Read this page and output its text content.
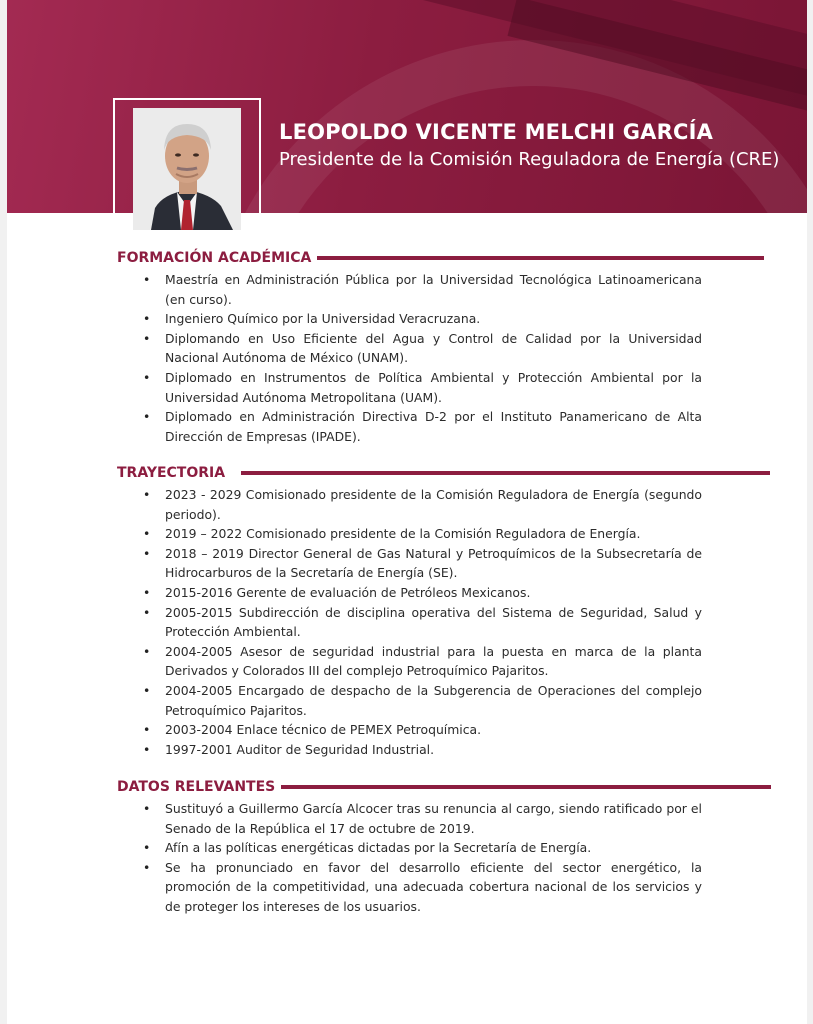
LEOPOLDO VICENTE MELCHI GARCÍA
Presidente de la Comisión Reguladora de Energía (CRE)
FORMACIÓN ACADÉMICA
• Maestría en Administración Pública por la Universidad Tecnológica Latinoamericana (en curso).
• Ingeniero Químico por la Universidad Veracruzana.
• Diplomando en Uso Eficiente del Agua y Control de Calidad por la Universidad Nacional Autónoma de México (UNAM).
• Diplomado en Instrumentos de Política Ambiental y Protección Ambiental por la Universidad Autónoma Metropolitana (UAM).
• Diplomado en Administración Directiva D-2 por el Instituto Panamericano de Alta Dirección de Empresas (IPADE).
TRAYECTORIA
• 2023 - 2029 Comisionado presidente de la Comisión Reguladora de Energía (segundo periodo).
• 2019 – 2022 Comisionado presidente de la Comisión Reguladora de Energía.
• 2018 – 2019 Director General de Gas Natural y Petroquímicos de la Subsecretaría de Hidrocarburos de la Secretaría de Energía (SE).
• 2015-2016 Gerente de evaluación de Petróleos Mexicanos.
• 2005-2015 Subdirección de disciplina operativa del Sistema de Seguridad, Salud y Protección Ambiental.
• 2004-2005 Asesor de seguridad industrial para la puesta en marca de la planta Derivados y Colorados III del complejo Petroquímico Pajaritos.
• 2004-2005 Encargado de despacho de la Subgerencia de Operaciones del complejo Petroquímico Pajaritos.
• 2003-2004 Enlace técnico de PEMEX Petroquímica.
• 1997-2001 Auditor de Seguridad Industrial.
DATOS RELEVANTES
• Sustituyó a Guillermo García Alcocer tras su renuncia al cargo, siendo ratificado por el Senado de la República el 17 de octubre de 2019.
• Afín a las políticas energéticas dictadas por la Secretaría de Energía.
• Se ha pronunciado en favor del desarrollo eficiente del sector energético, la promoción de la competitividad, una adecuada cobertura nacional de los servicios y de proteger los intereses de los usuarios.
